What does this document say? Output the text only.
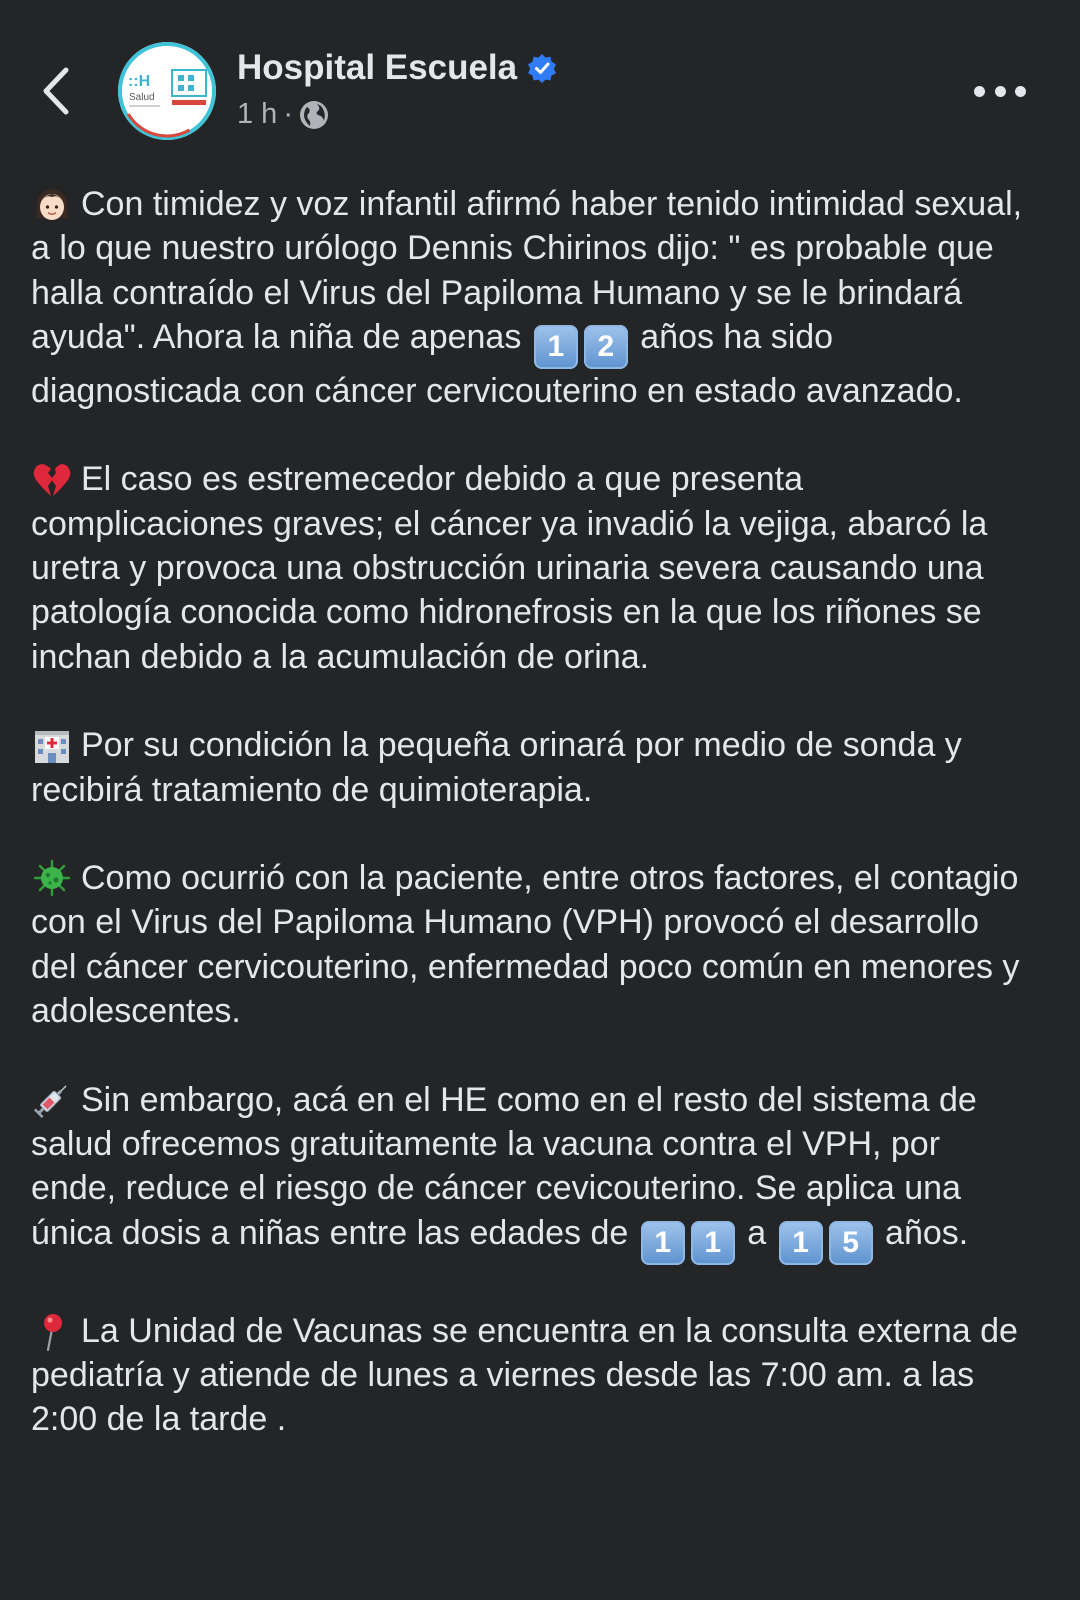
::H
Salud
Hospital Escuela
1 h ·

Con timidez y voz infantil afirmó haber tenido intimidad sexual, a lo que nuestro urólogo Dennis Chirinos dijo: " es probable que halla contraído el Virus del Papiloma Humano y se le brindará ayuda". Ahora la niña de apenas 1 2 años ha sido diagnosticada con cáncer cervicouterino en estado avanzado.

El caso es estremecedor debido a que presenta complicaciones graves; el cáncer ya invadió la vejiga, abarcó la uretra y provoca una obstrucción urinaria severa causando una patología conocida como hidronefrosis en la que los riñones se inchan debido a la acumulación de orina.

Por su condición la pequeña orinará por medio de sonda y recibirá tratamiento de quimioterapia.

Como ocurrió con la paciente, entre otros factores, el contagio con el Virus del Papiloma Humano (VPH) provocó el desarrollo del cáncer cervicouterino, enfermedad poco común en menores y adolescentes.

Sin embargo, acá en el HE como en el resto del sistema de salud ofrecemos gratuitamente la vacuna contra el VPH, por ende, reduce el riesgo de cáncer cevicouterino. Se aplica una única dosis a niñas entre las edades de 1 1 a 1 5 años.

La Unidad de Vacunas se encuentra en la consulta externa de pediatría y atiende de lunes a viernes desde las 7:00 am. a las 2:00 de la tarde .
